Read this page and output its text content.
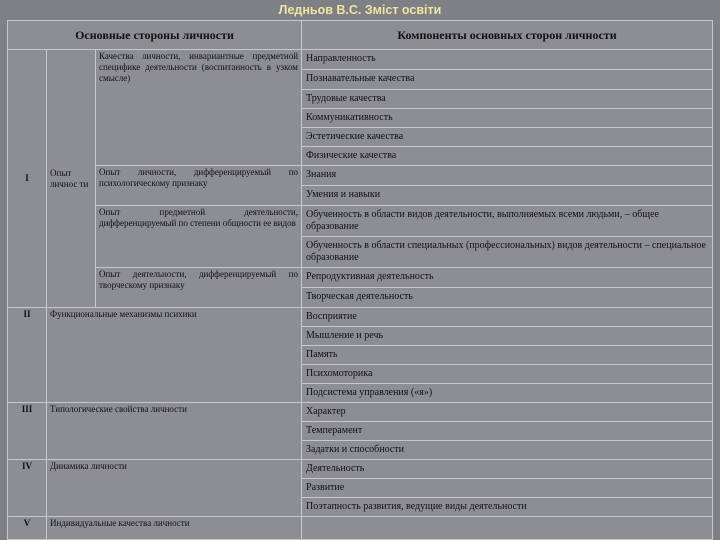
Ледньов В.С. Зміст освіти
Основные стороны личности			Компоненты основных сторон личности
I	Опыт личнос ти	Качества личности, инвариантные предметной специфике деятельности (воспитанность в узком смысле)	Направленность
			Познавательные качества
			Трудовые качества
			Коммуникативность
			Эстетические качества
			Физические качества
		Опыт личности, дифференцируемый по психологическому признаку	Знания
			Умения и навыки
		Опыт предметной деятельности, дифференцируемый по степени общности ее видов	Обученность в области видов деятельности, выполняемых всеми людьми, – общее образование
			Обученность в области специальных (профессиональных) видов деятельности – специальное образование
		Опыт деятельности, дифференцируемый по творческому признаку	Репродуктивная деятельность
			Творческая деятельность

II	Функциональные механизмы психики		Восприятие
			Мышление и речь
			Память
			Психомоторика
			Подсистема управления («я»)
III	Типологические свойства личности		Характер
			Темперамент
			Задатки и способности
IV	Динамика личности		Деятельность
			Развитие
			Поэтапность развития, ведущие виды деятельности
V	Индивидуальные качества личности		
